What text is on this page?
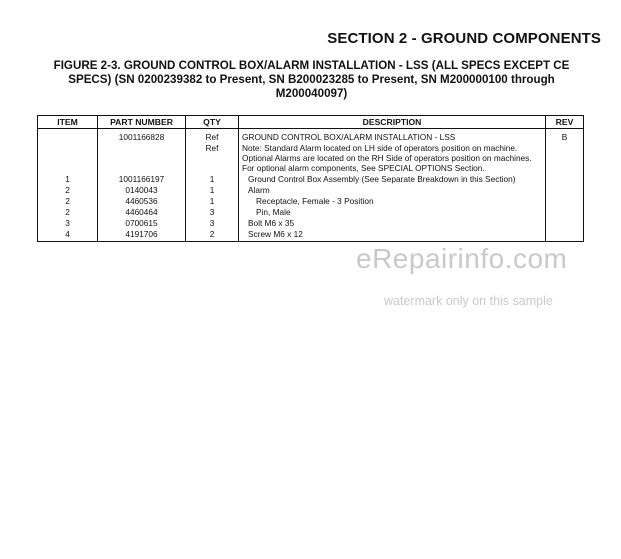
SECTION 2 - GROUND COMPONENTS
FIGURE 2-3. GROUND CONTROL BOX/ALARM INSTALLATION - LSS (ALL SPECS EXCEPT CE SPECS) (SN 0200239382 to Present, SN B200023285 to Present, SN M200000100 through M200040097)
ITEM	PART NUMBER	QTY	DESCRIPTION	REV
	1001166828	Ref	GROUND CONTROL BOX/ALARM INSTALLATION - LSS	B
		Ref	Note: Standard Alarm located on LH side of operators position on machine. Optional Alarms are located on the RH Side of operators position on machines. For optional alarm components, See SPECIAL OPTIONS Section.	
1	1001166197	1	Ground Control Box Assembly (See Separate Breakdown in this Section)	
2	0140043	1	Alarm	
2	4460536	1	Receptacle, Female - 3 Position	
2	4460464	3	Pin, Male	
3	0700615	3	Bolt M6 x 35	
4	4191706	2	Screw M6 x 12	
eRepairinfo.com
watermark only on this sample
